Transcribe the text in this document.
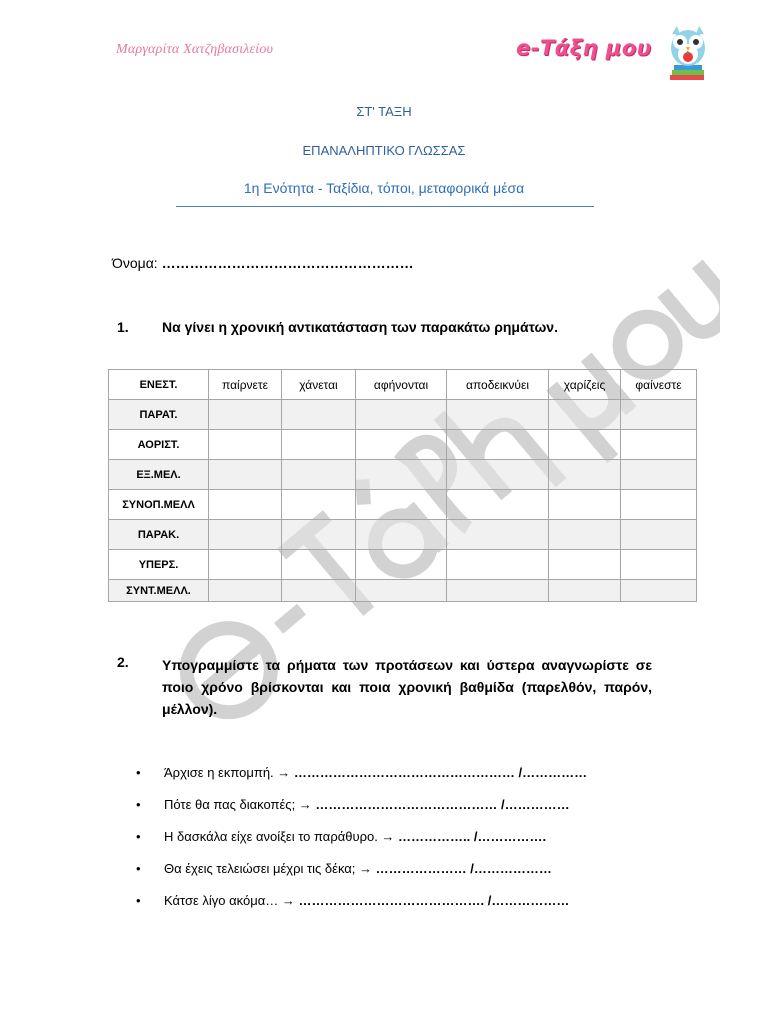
Μαργαρίτα Χατζηβασιλείου	e-Τάξη μου
ΣΤ' ΤΑΞΗ
ΕΠΑΝΑΛΗΠΤΙΚΟ ΓΛΩΣΣΑΣ
1η Ενότητα - Ταξίδια, τόποι, μεταφορικά μέσα
Όνομα: ………………………………………………
1. Να γίνει η χρονική αντικατάσταση των παρακάτω ρημάτων.
ΕΝΕΣΤ.	παίρνετε	χάνεται	αφήνονται	αποδεικνύει	χαρίζεις	φαίνεστε
ΠΑΡΑΤ.						
ΑΟΡΙΣΤ.						
ΕΞ.ΜΕΛ.						
ΣΥΝΟΠ.ΜΕΛΛ						
ΠΑΡΑΚ.						
ΥΠΕΡΣ.						
ΣΥΝΤ.ΜΕΛΛ.						
2. Υπογραμμίστε τα ρήματα των προτάσεων και ύστερα αναγνωρίστε σε ποιο χρόνο βρίσκονται και ποια χρονική βαθμίδα (παρελθόν, παρόν, μέλλον).
• Άρχισε η εκπομπή. → …………………………………………… /……………
• Πότε θα πας διακοπές; → …………………………………… /……………
• Η δασκάλα είχε ανοίξει το παράθυρο. → …………….. /…………….
• Θα έχεις τελειώσει μέχρι τις δέκα; → ………………… /………………
• Κάτσε λίγο ακόμα… → ……………………………………. /………………
